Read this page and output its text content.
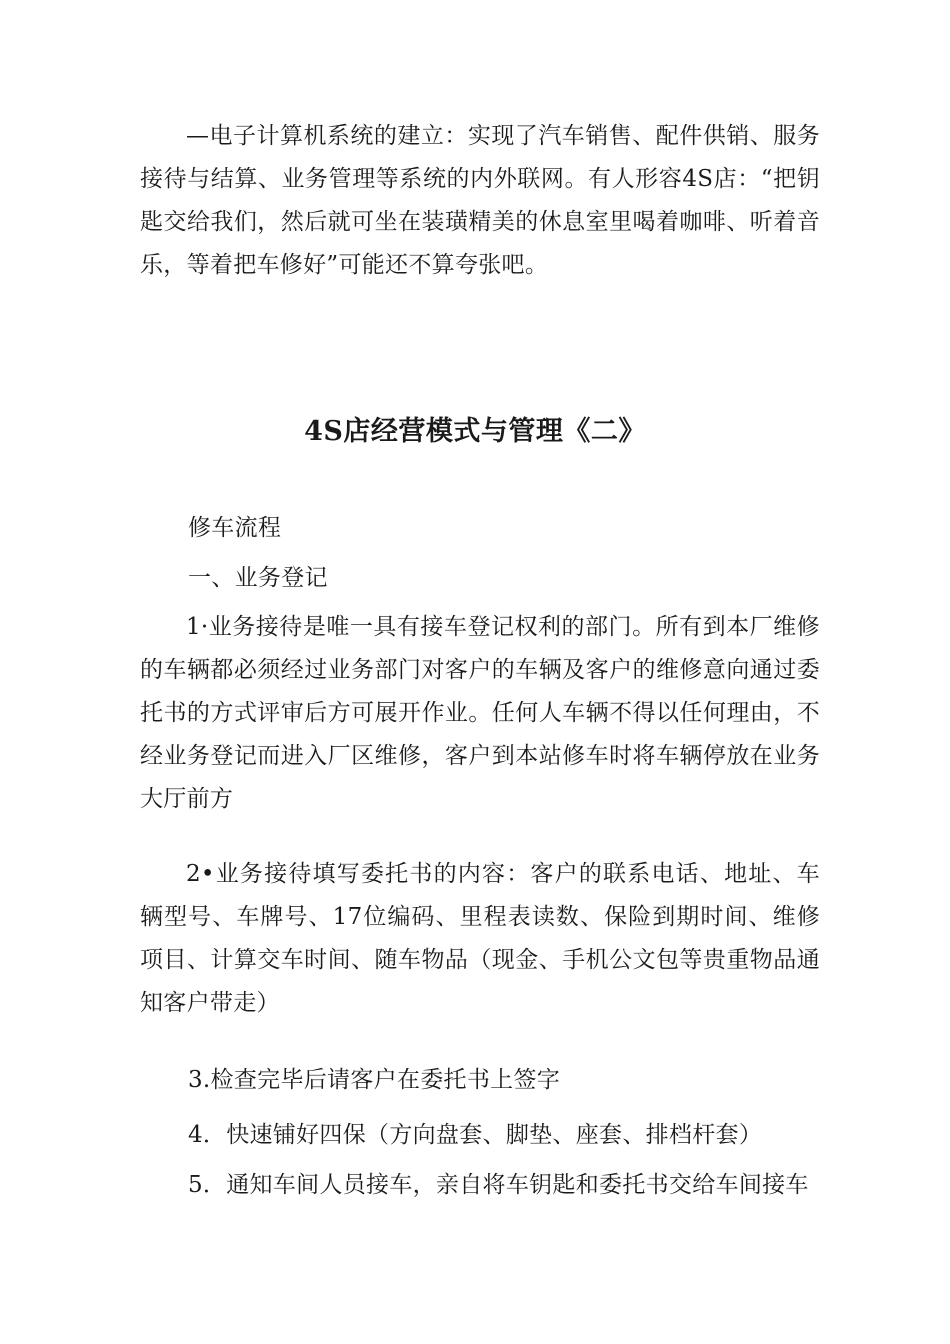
—电子计算机系统的建立：实现了汽车销售、配件供销、服务接待与结算、业务管理等系统的内外联网。有人形容4S店：“把钥匙交给我们，然后就可坐在装璜精美的休息室里喝着咖啡、听着音乐，等着把车修好”可能还不算夸张吧。

4S店经营模式与管理《二》

修车流程

一、业务登记

1·业务接待是唯一具有接车登记权利的部门。所有到本厂维修的车辆都必须经过业务部门对客户的车辆及客户的维修意向通过委托书的方式评审后方可展开作业。任何人车辆不得以任何理由，不经业务登记而进入厂区维修，客户到本站修车时将车辆停放在业务大厅前方

2•业务接待填写委托书的内容：客户的联系电话、地址、车辆型号、车牌号、17位编码、里程表读数、保险到期时间、维修项目、计算交车时间、随车物品（现金、手机公文包等贵重物品通知客户带走）

3.检查完毕后请客户在委托书上签字

4．快速铺好四保（方向盘套、脚垫、座套、排档杆套）

5．通知车间人员接车，亲自将车钥匙和委托书交给车间接车
